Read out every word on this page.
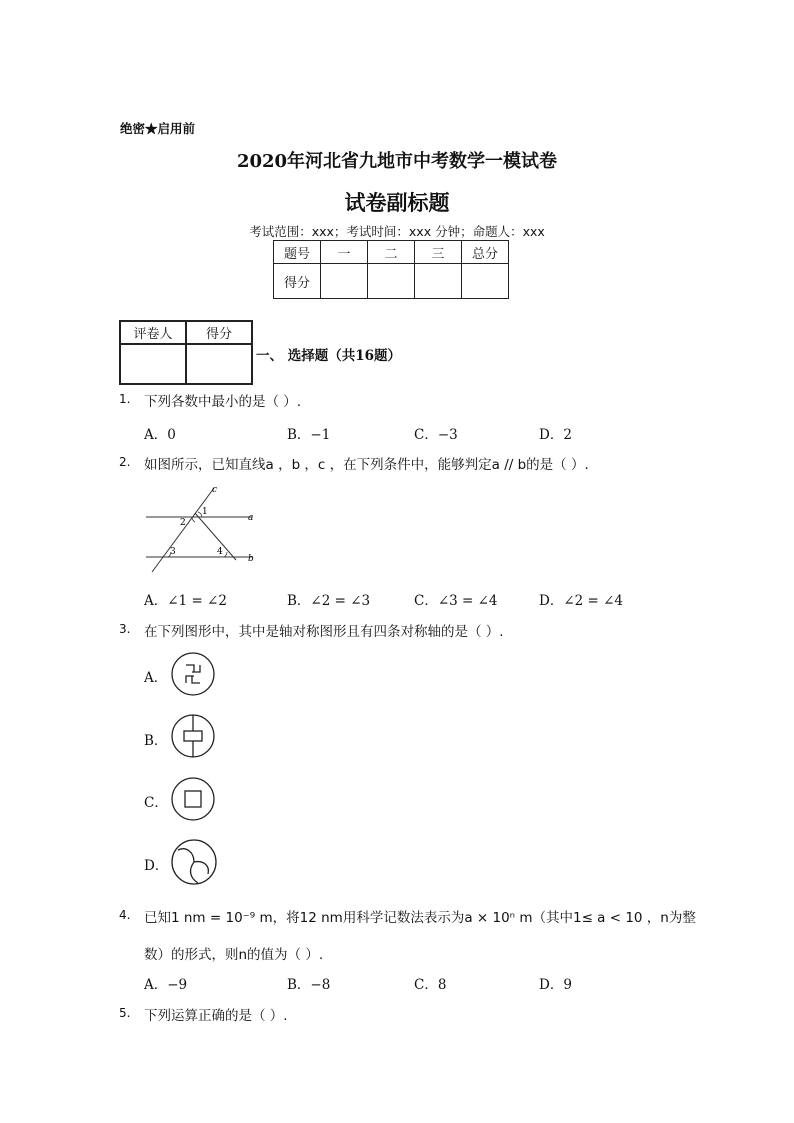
绝密★启用前
2020年河北省九地市中考数学一模试卷
试卷副标题
考试范围：xxx；考试时间：xxx 分钟；命题人：xxx
题号	一	二	三	总分
得分				
评卷人	得分

一、 选择题（共16题）
1. 下列各数中最小的是（ ）.
A．0	B．−1	C．−3	D．2
2. 如图所示，已知直线a ，b ，c ，在下列条件中，能够判定a // b的是（ ）.
c
a
b
1
2
3	4
A．∠1 = ∠2	B．∠2 = ∠3	C．∠3 = ∠4	D．∠2 = ∠4
3. 在下列图形中，其中是轴对称图形且有四条对称轴的是（ ）.
A．
B．
C．
D．
4. 已知1 nm = 10⁻⁹ m，将12 nm用科学记数法表示为a × 10ⁿ m（其中1≤ a < 10 ，n为整
数）的形式，则n的值为（ ）.
A．−9	B．−8	C．8	D．9
5. 下列运算正确的是（ ）.
